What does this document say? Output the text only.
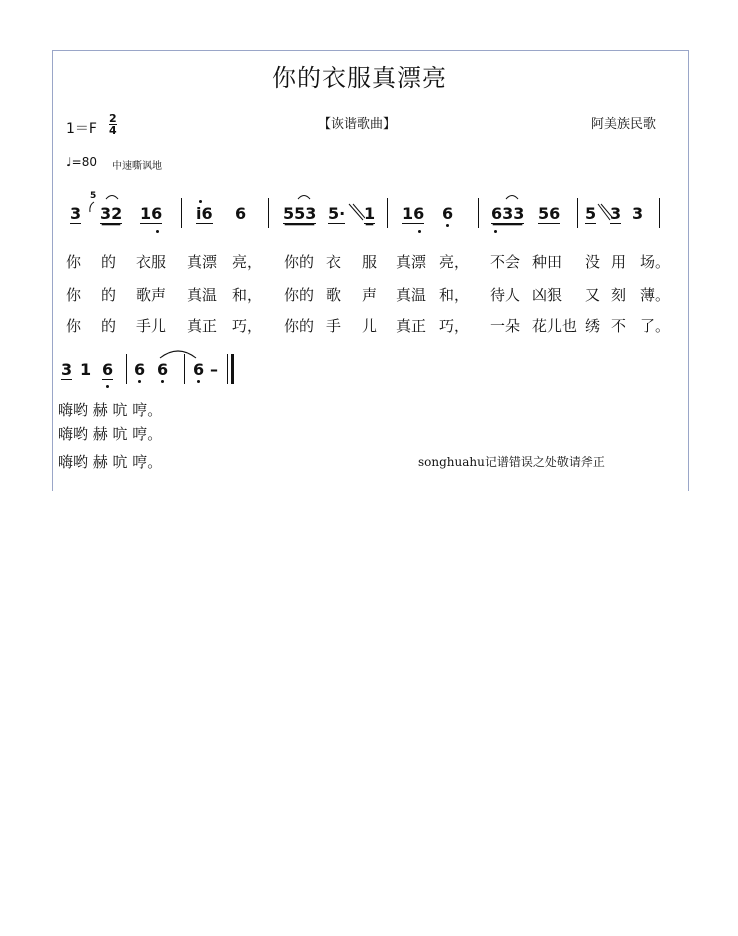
你的衣服真漂亮
1＝F
2
4	【诙谐歌曲】	阿美族民歌
♩=80 中速嘶讽地
3
5
32 16 i6 6 553 5· 1 16 6 633 56 5 3 3
你 的 衣服 真漂 亮， 你的 衣 服 真漂 亮， 不会 种田 没 用 场。
你 的 歌声 真温 和， 你的 歌 声 真温 和， 待人 凶狠 又 刻 薄。
你 的 手儿 真正 巧， 你的 手 儿 真正 巧， 一朵 花儿也 绣 不 了。
3 1 6 6 6 6 –
嗨哟 赫 吭 哼。
嗨哟 赫 吭 哼。
嗨哟 赫 吭 哼。	songhuahu记谱错误之处敬请斧正
